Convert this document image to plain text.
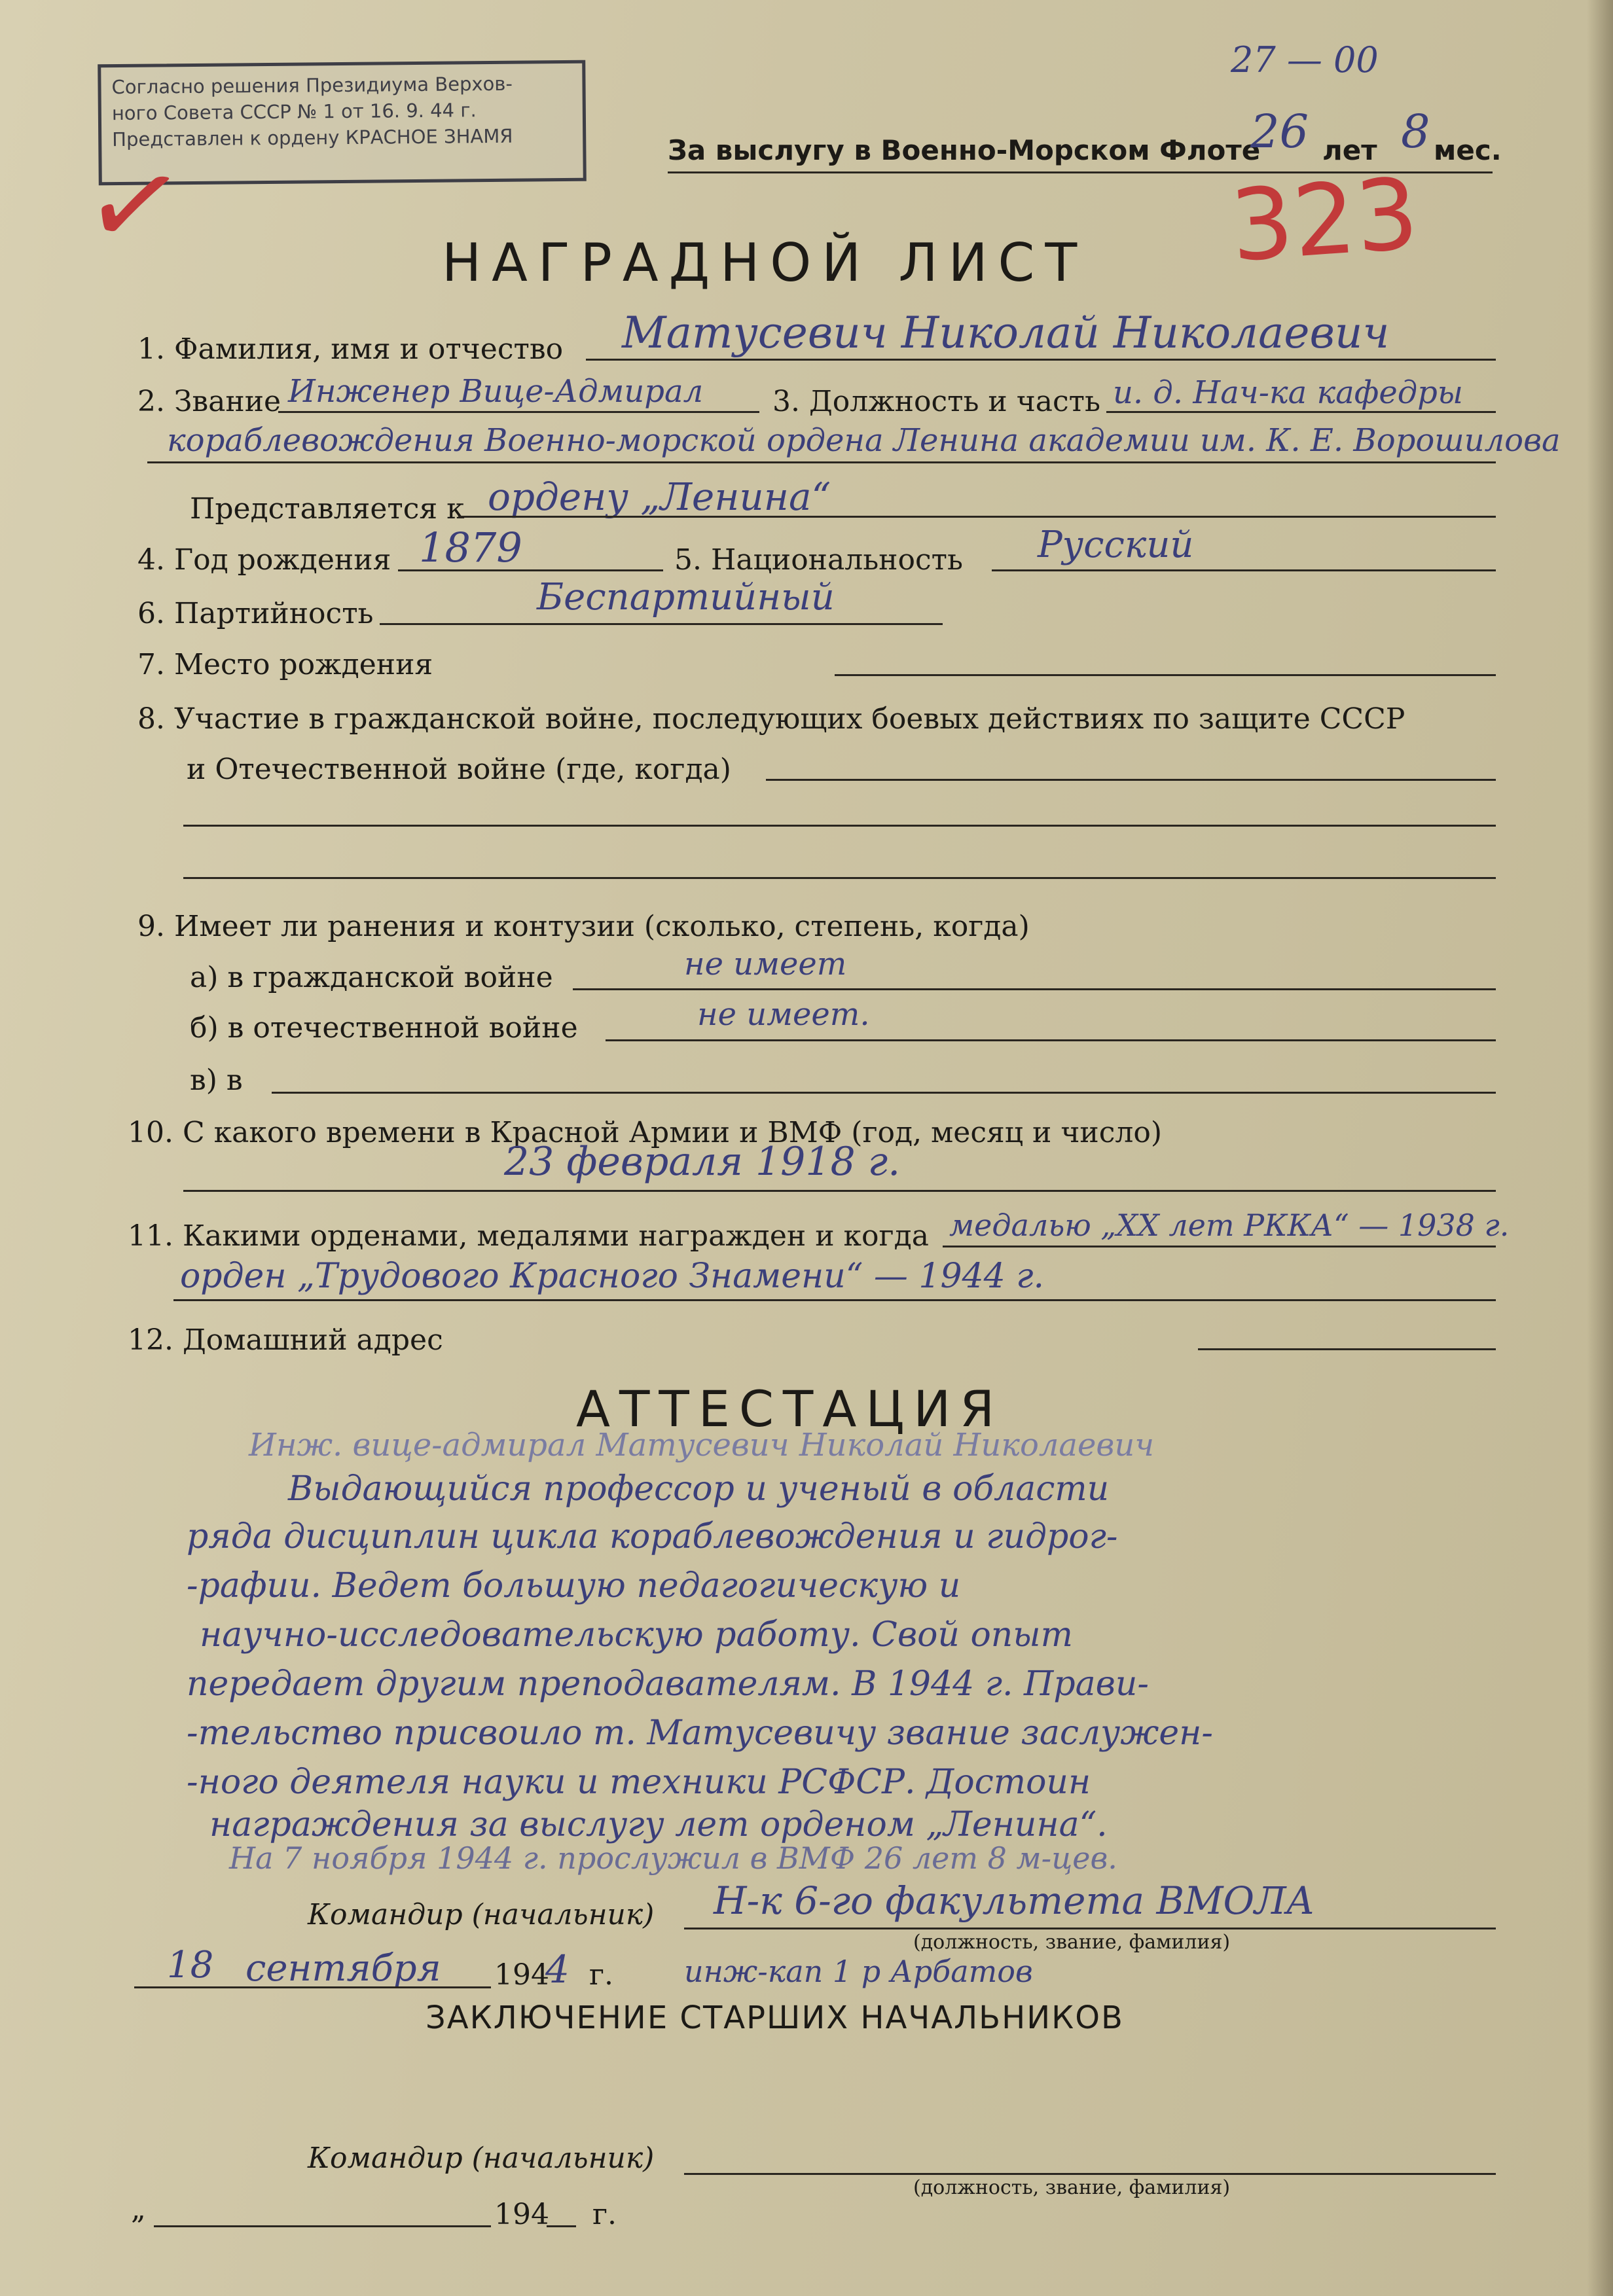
Согласно решения Президиума Верхов-
ного Совета СССР № 1 от 16. 9. 44 г.
Представлен к ордену КРАСНОЕ ЗНАМЯ
✓
27 — 00
За выслугу в Военно-Морском Флоте
26 лет 8 мес.
323
НАГРАДНОЙ ЛИСТ
1. Фамилия, имя и отчество Матусевич Николай Николаевич
2. Звание Инженер Вице-Адмирал 3. Должность и часть и. д. Нач-ка кафедры
кораблевождения Военно-морской ордена Ленина академии им. К. Е. Ворошилова
Представляется к ордену „Ленина“
4. Год рождения 1879	5. Национальность Русский
6. Партийность	Беспартийный
7. Место рождения
8. Участие в гражданской войне, последующих боевых действиях по защите СССР
и Отечественной войне (где, когда)
9. Имеет ли ранения и контузии (сколько, степень, когда)
а) в гражданской войне	не имеет
б) в отечественной войне	не имеет.
в) в
10. С какого времени в Красной Армии и ВМФ (год, месяц и число)
23 февраля 1918 г.
11. Какими орденами, медалями награжден и когда медалью „XX лет РККА“ — 1938 г.
орден „Трудового Красного Знамени“ — 1944 г.
12. Домашний адрес
АТТЕСТАЦИЯ
Инж. вице-адмирал Матусевич Николай Николаевич
Выдающийся профессор и ученый в области
ряда дисциплин цикла кораблевождения и гидрог-
-рафии. Ведет большую педагогическую и
научно-исследовательскую работу. Свой опыт
передает другим преподавателям. В 1944 г. Прави-
-тельство присвоило т. Матусевичу звание заслужен-
-ного деятеля науки и техники РСФСР. Достоин
награждения за выслугу лет орденом „Ленина“.
На 7 ноября 1944 г. прослужил в ВМФ 26 лет 8 м-цев.
Командир (начальник) Н-к 6-го факультета ВМОЛА
(должность, звание, фамилия)
18 сентября 194
4 г. инж-кап 1 р Арбатов
ЗАКЛЮЧЕНИЕ СТАРШИХ НАЧАЛЬНИКОВ
Командир (начальник)
(должность, звание, фамилия)
„	194 г.
